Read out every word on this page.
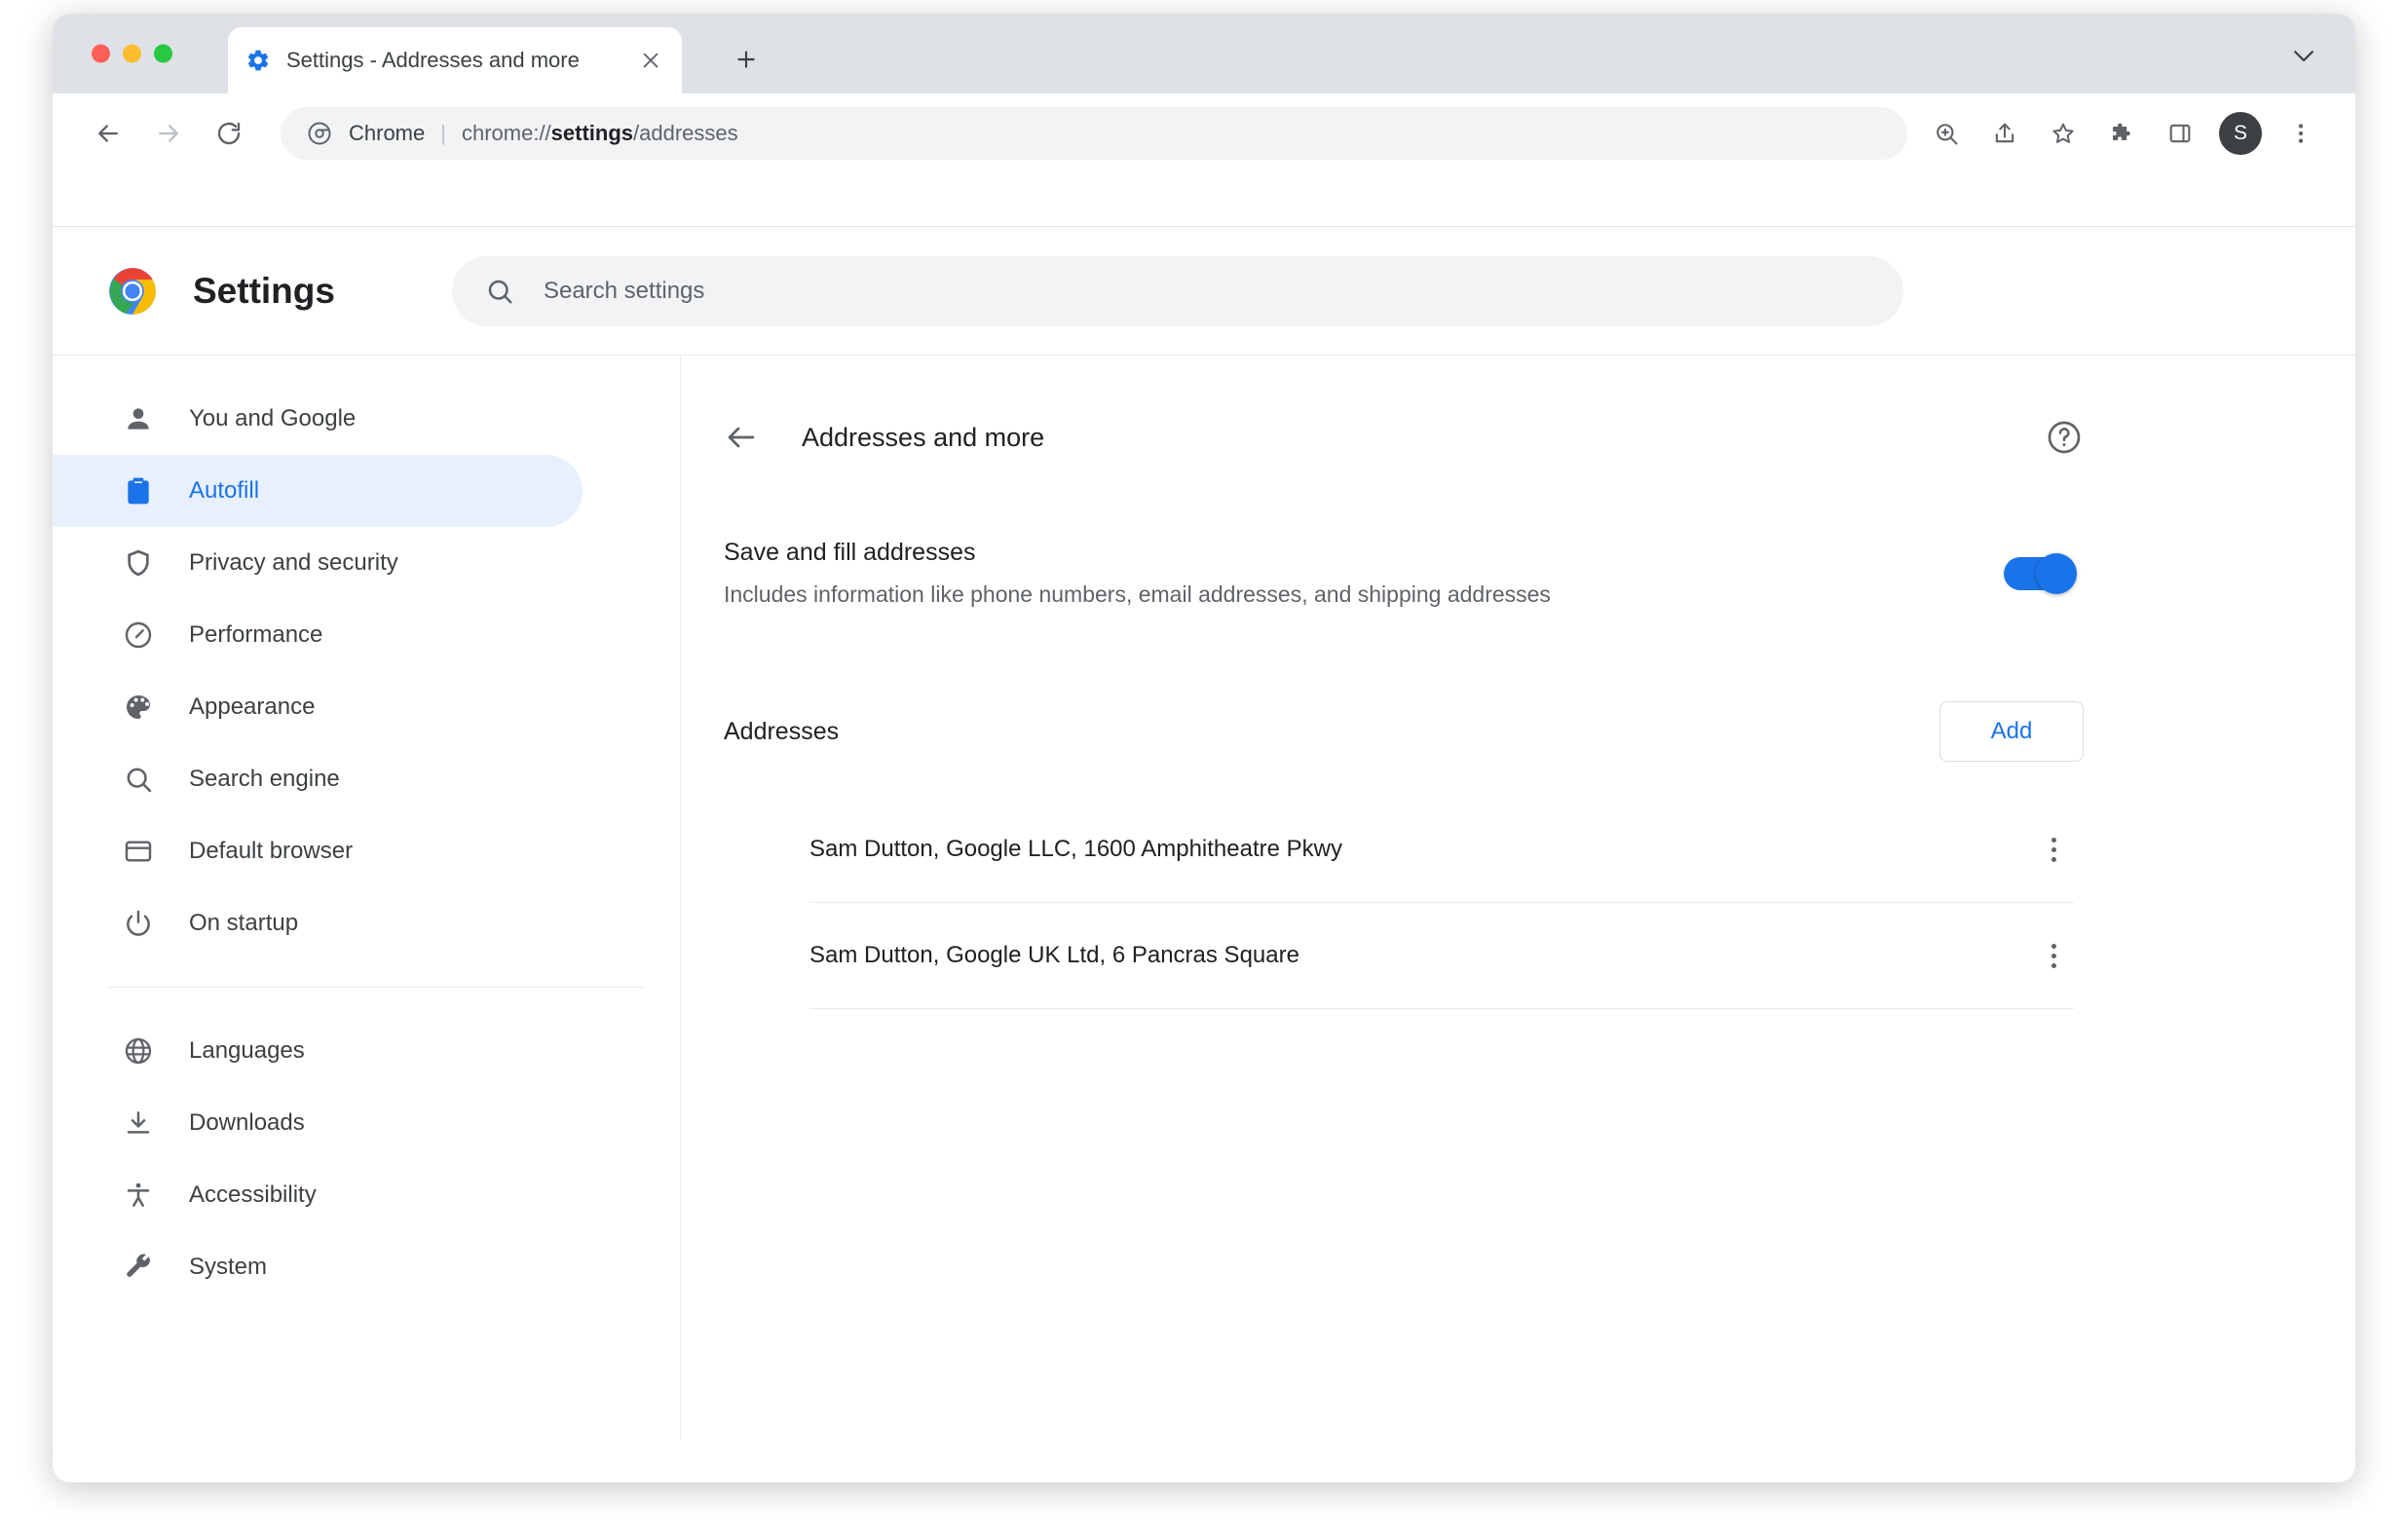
Settings - Addresses and more
Chrome | chrome://settings/addresses	S
Settings
Search settings
You and Google
Autofill
Privacy and security
Performance
Appearance
Search engine
Default browser
On startup
Languages
Downloads
Accessibility
System
Addresses and more
Save and fill addresses
Includes information like phone numbers, email addresses, and shipping addresses
Addresses	Add
Sam Dutton, Google LLC, 1600 Amphitheatre Pkwy
Sam Dutton, Google UK Ltd, 6 Pancras Square
